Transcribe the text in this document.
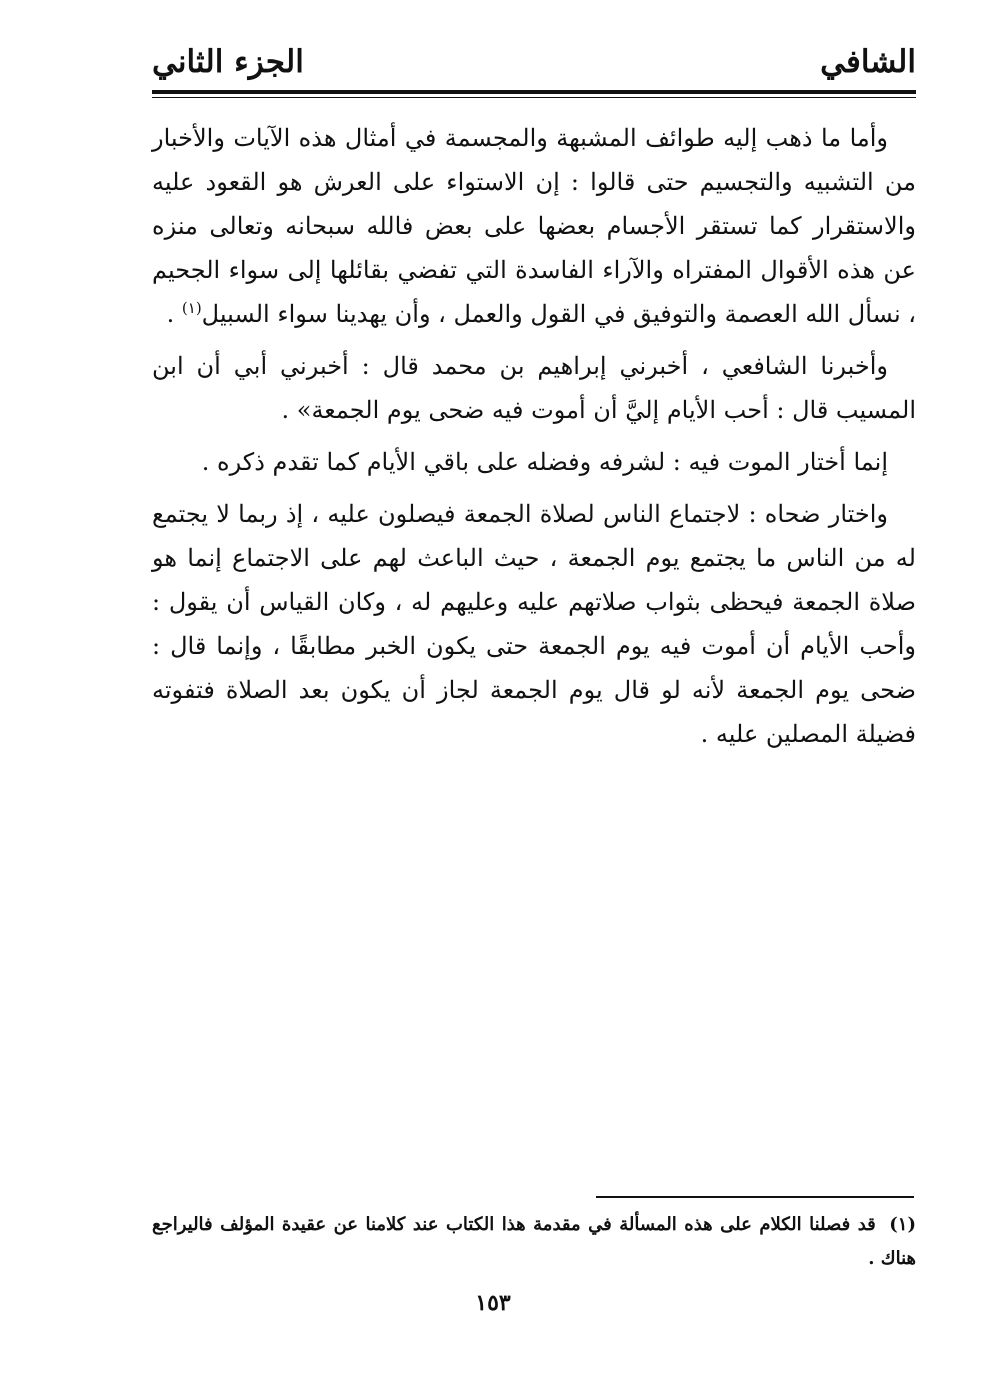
الشافي
الجزء الثاني

وأما ما ذهب إليه طوائف المشبهة والمجسمة في أمثال هذه الآيات والأخبار من التشبيه والتجسيم حتى قالوا : إن الاستواء على العرش هو القعود عليه والاستقرار كما تستقر الأجسام بعضها على بعض فالله سبحانه وتعالى منزه عن هذه الأقوال المفتراه والآراء الفاسدة التي تفضي بقائلها إلى سواء الجحيم ، نسأل الله العصمة والتوفيق في القول والعمل ، وأن يهدينا سواء السبيل$^{(١)}$ .

وأخبرنا الشافعي ، أخبرني إبراهيم بن محمد قال : أخبرني أبي أن ابن المسيب قال : أحب الأيام إليَّ أن أموت فيه ضحى يوم الجمعة» .

إنما أختار الموت فيه : لشرفه وفضله على باقي الأيام كما تقدم ذكره .

واختار ضحاه : لاجتماع الناس لصلاة الجمعة فيصلون عليه ، إذ ربما لا يجتمع له من الناس ما يجتمع يوم الجمعة ، حيث الباعث لهم على الاجتماع إنما هو صلاة الجمعة فيحظى بثواب صلاتهم عليه وعليهم له ، وكان القياس أن يقول : وأحب الأيام أن أموت فيه يوم الجمعة حتى يكون الخبر مطابقًا ، وإنما قال : ضحى يوم الجمعة لأنه لو قال يوم الجمعة لجاز أن يكون بعد الصلاة فتفوته فضيلة المصلين عليه .

(١) قد فصلنا الكلام على هذه المسألة في مقدمة هذا الكتاب عند كلامنا عن عقيدة المؤلف فاليراجع هناك .
١٥٣
